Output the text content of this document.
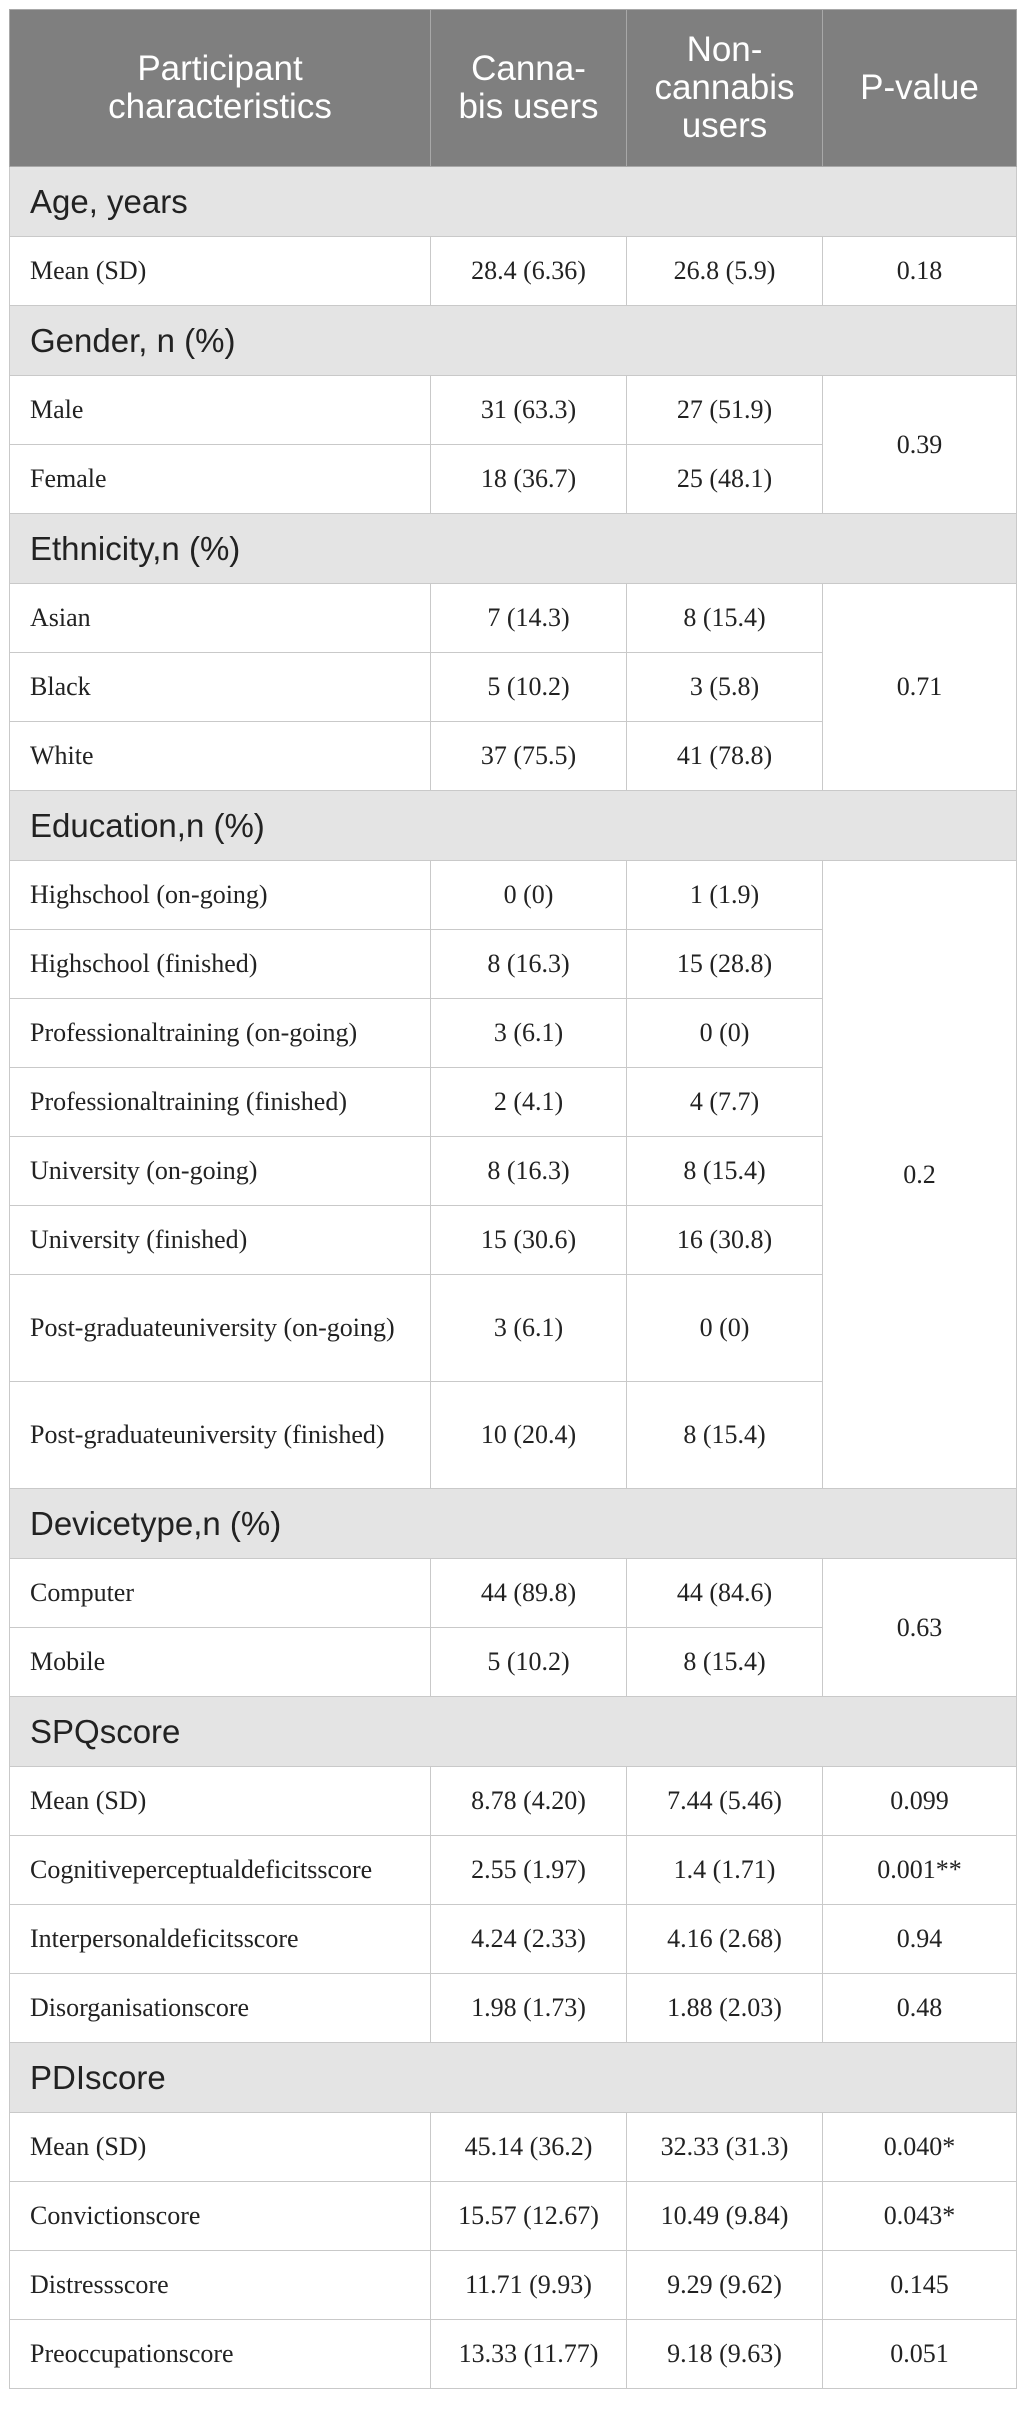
Participant characteristics	Canna-bis users	Non-cannabis users	P-value
Age, years			
Mean (SD)	28.4 (6.36)	26.8 (5.9)	0.18
Gender, n (%)			
Male	31 (63.3)	27 (51.9)	0.39
Female	18 (36.7)	25 (48.1)	
Ethnicity,n (%)			
Asian	7 (14.3)	8 (15.4)	0.71
Black	5 (10.2)	3 (5.8)	
White	37 (75.5)	41 (78.8)	
Education,n (%)			
Highschool (on-going)	0 (0)	1 (1.9)	0.2
Highschool (finished)	8 (16.3)	15 (28.8)	
Professionaltraining (on-going)	3 (6.1)	0 (0)	
Professionaltraining (finished)	2 (4.1)	4 (7.7)	
University (on-going)	8 (16.3)	8 (15.4)	
University (finished)	15 (30.6)	16 (30.8)	
Post-graduateuniversity (on-going)	3 (6.1)	0 (0)	
Post-graduateuniversity (finished)	10 (20.4)	8 (15.4)	
Devicetype,n (%)			
Computer	44 (89.8)	44 (84.6)	0.63
Mobile	5 (10.2)	8 (15.4)	
SPQscore			
Mean (SD)	8.78 (4.20)	7.44 (5.46)	0.099
Cognitiveperceptualdeficitsscore	2.55 (1.97)	1.4 (1.71)	0.001**
Interpersonaldeficitsscore	4.24 (2.33)	4.16 (2.68)	0.94
Disorganisationscore	1.98 (1.73)	1.88 (2.03)	0.48
PDIscore			
Mean (SD)	45.14 (36.2)	32.33 (31.3)	0.040*
Convictionscore	15.57 (12.67)	10.49 (9.84)	0.043*
Distressscore	11.71 (9.93)	9.29 (9.62)	0.145
Preoccupationscore	13.33 (11.77)	9.18 (9.63)	0.051
